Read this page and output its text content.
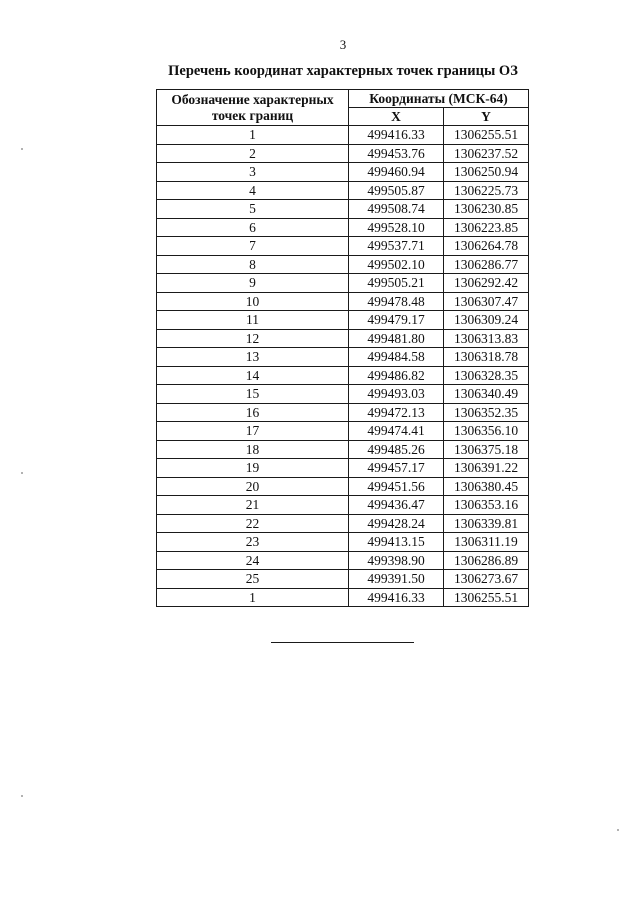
3
Перечень координат характерных точек границы ОЗ
Обозначение характерных точек границ	Координаты (МСК-64)	
	X	Y
1	499416.33	1306255.51
2	499453.76	1306237.52
3	499460.94	1306250.94
4	499505.87	1306225.73
5	499508.74	1306230.85
6	499528.10	1306223.85
7	499537.71	1306264.78
8	499502.10	1306286.77
9	499505.21	1306292.42
10	499478.48	1306307.47
11	499479.17	1306309.24
12	499481.80	1306313.83
13	499484.58	1306318.78
14	499486.82	1306328.35
15	499493.03	1306340.49
16	499472.13	1306352.35
17	499474.41	1306356.10
18	499485.26	1306375.18
19	499457.17	1306391.22
20	499451.56	1306380.45
21	499436.47	1306353.16
22	499428.24	1306339.81
23	499413.15	1306311.19
24	499398.90	1306286.89
25	499391.50	1306273.67
1	499416.33	1306255.51
